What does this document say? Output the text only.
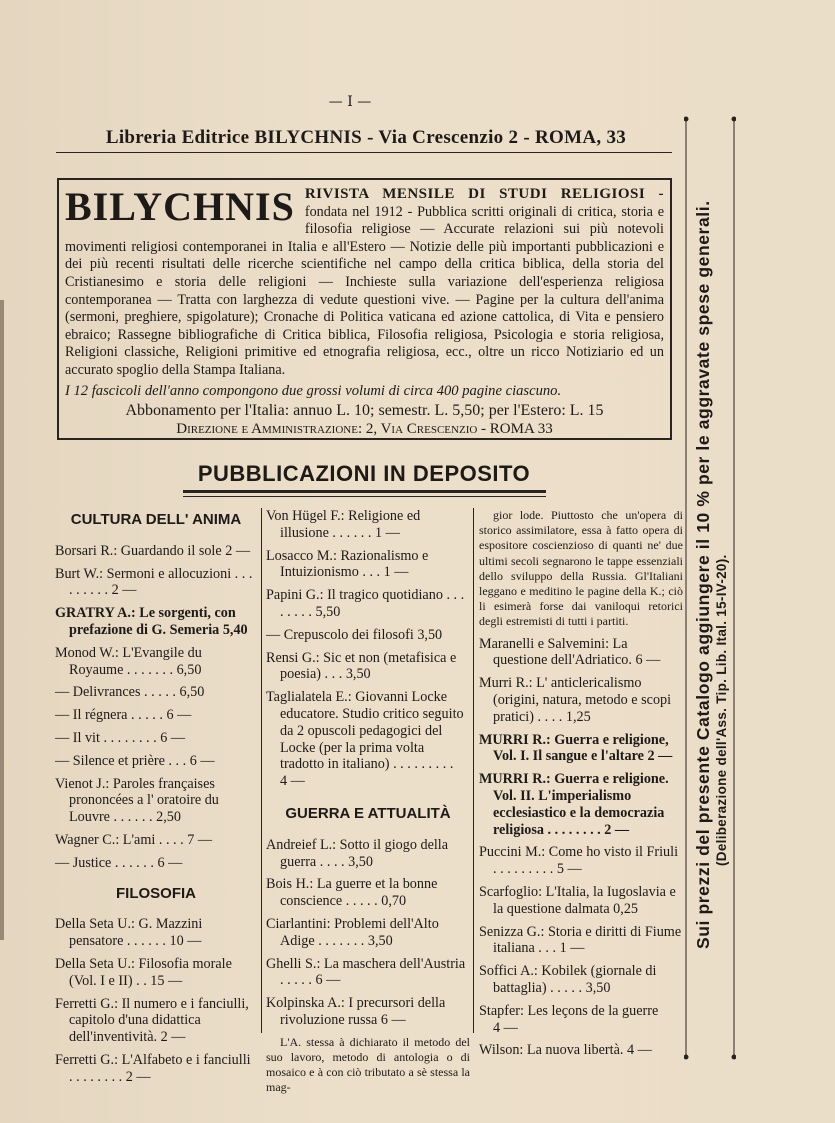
— I —
Libreria Editrice BILYCHNIS - Via Crescenzio 2 - ROMA, 33
BILYCHNIS RIVISTA MENSILE DI STUDI RELIGIOSI - fondata nel 1912 - Pubblica scritti originali di critica, storia e filosofia religiose — Accurate relazioni sui più notevoli movimenti religiosi contemporanei in Italia e all'Estero — Notizie delle più importanti pubblicazioni e dei più recenti risultati delle ricerche scientifiche nel campo della critica biblica, della storia del Cristianesimo e storia delle religioni — Inchieste sulla variazione dell'esperienza religiosa contemporanea — Tratta con larghezza di vedute questioni vive. — Pagine per la cultura dell'anima (sermoni, preghiere, spigolature); Cronache di Politica vaticana ed azione cattolica, di Vita e pensiero ebraico; Rassegne bibliografiche di Critica biblica, Filosofia religiosa, Psicologia e storia religiosa, Religioni classiche, Religioni primitive ed etnografia religiosa, ecc., oltre un ricco Notiziario ed un accurato spoglio della Stampa Italiana.

I 12 fascicoli dell'anno compongono due grossi volumi di circa 400 pagine ciascuno.

Abbonamento per l'Italia: annuo L. 10; semestr. L. 5,50; per l'Estero: L. 15

Direzione e Amministrazione: 2, Via Crescenzio - ROMA 33

PUBBLICAZIONI IN DEPOSITO
CULTURA DELL' ANIMA
Borsari R.: Guardando il sole 2 —
Burt W.: Sermoni e allocuzioni . . . . . . . . . 2 —
GRATRY A.: Le sorgenti, con prefazione di G. Semeria 5,40
Monod W.: L'Evangile du Royaume . . . . . . . 6,50
— Delivrances . . . . . 6,50
— Il régnera . . . . . 6 —
— Il vit . . . . . . . . 6 —
— Silence et prière . . . 6 —
Vienot J.: Paroles françaises prononcées a l' oratoire du Louvre . . . . . . 2,50
Wagner C.: L'ami . . . . 7 —
— Justice . . . . . . 6 —
FILOSOFIA
Della Seta U.: G. Mazzini pensatore . . . . . . 10 —
Della Seta U.: Filosofia morale (Vol. I e II) . . 15 —
Ferretti G.: Il numero e i fanciulli, capitolo d'una didattica dell'inventività. 2 —
Ferretti G.: L'Alfabeto e i fanciulli . . . . . . . . 2 —
Von Hügel F.: Religione ed illusione . . . . . . 1 —
Losacco M.: Razionalismo e Intuizionismo . . . 1 —
Papini G.: Il tragico quotidiano . . . . . . . . 5,50
— Crepuscolo dei filosofi 3,50
Rensi G.: Sic et non (metafisica e poesia) . . . 3,50
Taglialatela E.: Giovanni Locke educatore. Studio critico seguito da 2 opuscoli pedagogici del Locke (per la prima volta tradotto in italiano) . . . . . . . . . 4 —
GUERRA E ATTUALITÀ
Andreief L.: Sotto il giogo della guerra . . . . 3,50
Bois H.: La guerre et la bonne conscience . . . . . 0,70
Ciarlantini: Problemi dell'Alto Adige . . . . . . . 3,50
Ghelli S.: La maschera dell'Austria . . . . . 6 —
Kolpinska A.: I precursori della rivoluzione russa 6 —

L'A. stessa à dichiarato il metodo del suo lavoro, metodo di antologia o di mosaico e à con ciò tributato a sè stessa la mag-

gior lode. Piuttosto che un'opera di storico assimilatore, essa à fatto opera di espositore coscienzioso di quanti ne' due ultimi secoli segnarono le tappe essenziali dello sviluppo della Russia. Gl'Italiani leggano e meditino le pagine della K.; ciò li esimerà forse dai vaniloqui retorici degli estremisti di tutti i partiti.

Maranelli e Salvemini: La questione dell'Adriatico. 6 —
Murri R.: L' anticlericalismo (origini, natura, metodo e scopi pratici) . . . . 1,25
MURRI R.: Guerra e religione, Vol. I. Il sangue e l'altare 2 —
MURRI R.: Guerra e religione. Vol. II. L'imperialismo ecclesiastico e la democrazia religiosa . . . . . . . . 2 —
Puccini M.: Come ho visto il Friuli . . . . . . . . . 5 —
Scarfoglio: L'Italia, la Iugoslavia e la questione dalmata 0,25
Senizza G.: Storia e diritti di Fiume italiana . . . 1 —
Soffici A.: Kobilek (giornale di battaglia) . . . . . 3,50
Stapfer: Les leçons de la guerre 4 —
Wilson: La nuova libertà. 4 —
Sui prezzi del presente Catalogo aggiungere il 10 % per le aggravate spese generali. (Deliberazione dell'Ass. Tip. Lib. Ital. 15-IV-20).
